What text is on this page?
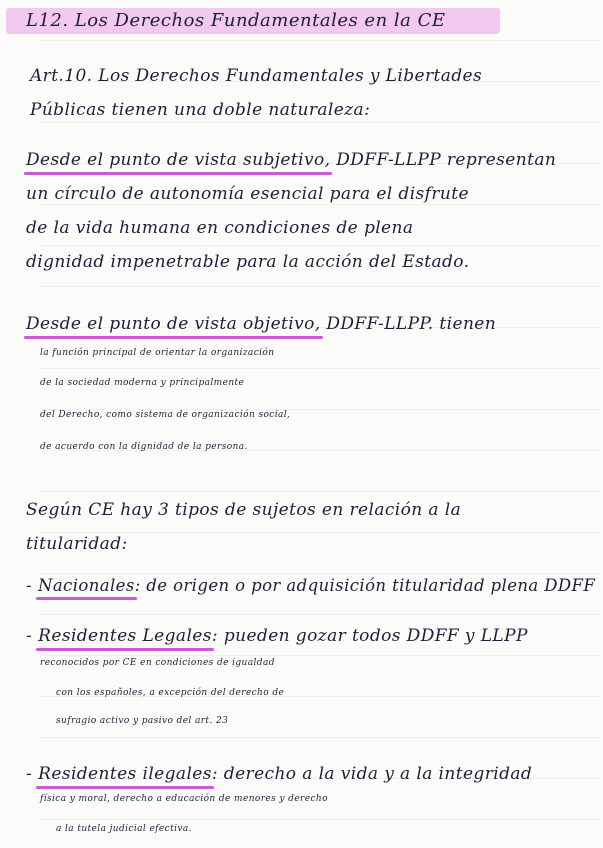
L12. Los Derechos Fundamentales en la CE
Art.10. Los Derechos Fundamentales y Libertades
Públicas tienen una doble naturaleza:
Desde el punto de vista subjetivo, DDFF-LLPP representan
un círculo de autonomía esencial para el disfrute
de la vida humana en condiciones de plena
dignidad impenetrable para la acción del Estado.
Desde el punto de vista objetivo, DDFF-LLPP. tienen
la función principal de orientar la organización
de la sociedad moderna y principalmente
del Derecho, como sistema de organización social,
de acuerdo con la dignidad de la persona.
Según CE hay 3 tipos de sujetos en relación a la
titularidad:
- Nacionales: de origen o por adquisición titularidad plena DDFF
- Residentes Legales: pueden gozar todos DDFF y LLPP
reconocidos por CE en condiciones de igualdad
con los españoles, a excepción del derecho de
sufragio activo y pasivo del art. 23
- Residentes ilegales: derecho a la vida y a la integridad
física y moral, derecho a educación de menores y derecho
a la tutela judicial efectiva.
